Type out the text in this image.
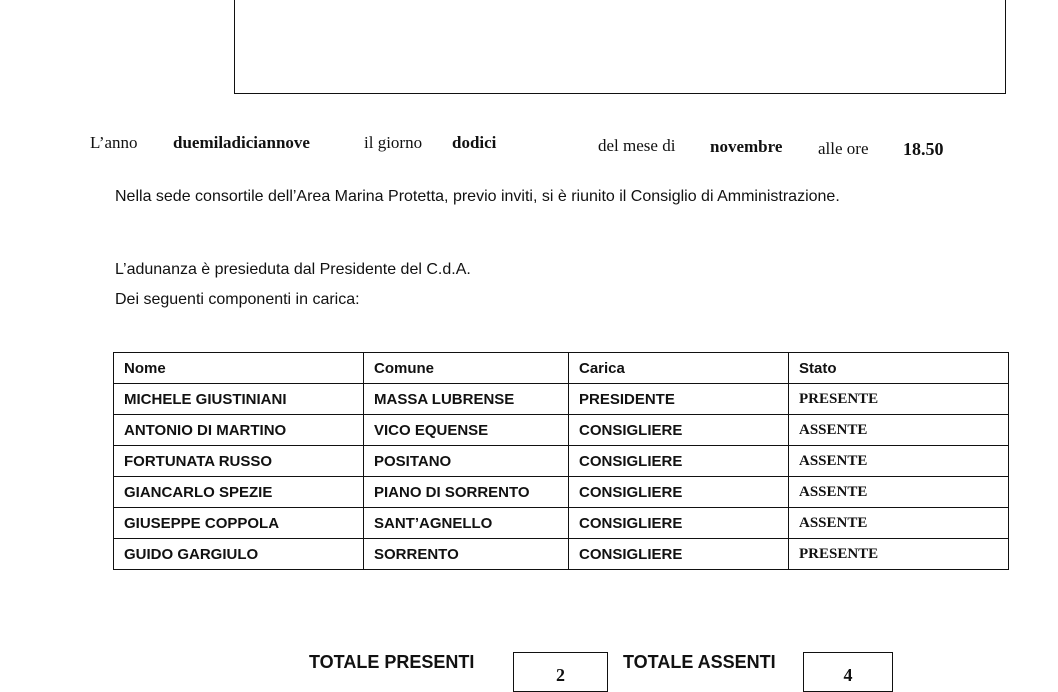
L’anno duemiladiciannove	il giorno dodici	del mese di novembre alle ore 18.50
Nella sede consortile dell’Area Marina Protetta, previo inviti, si è riunito il Consiglio di Amministrazione.
L’adunanza è presieduta dal Presidente del C.d.A.
Dei seguenti componenti in carica:
Nome	Comune	Carica	Stato
MICHELE GIUSTINIANI	MASSA LUBRENSE	PRESIDENTE	PRESENTE
ANTONIO DI MARTINO	VICO EQUENSE	CONSIGLIERE	ASSENTE
FORTUNATA RUSSO	POSITANO	CONSIGLIERE	ASSENTE
GIANCARLO SPEZIE	PIANO DI SORRENTO	CONSIGLIERE	ASSENTE
GIUSEPPE COPPOLA	SANT’AGNELLO	CONSIGLIERE	ASSENTE
GUIDO GARGIULO	SORRENTO	CONSIGLIERE	PRESENTE
TOTALE PRESENTI
2
TOTALE ASSENTI
4
